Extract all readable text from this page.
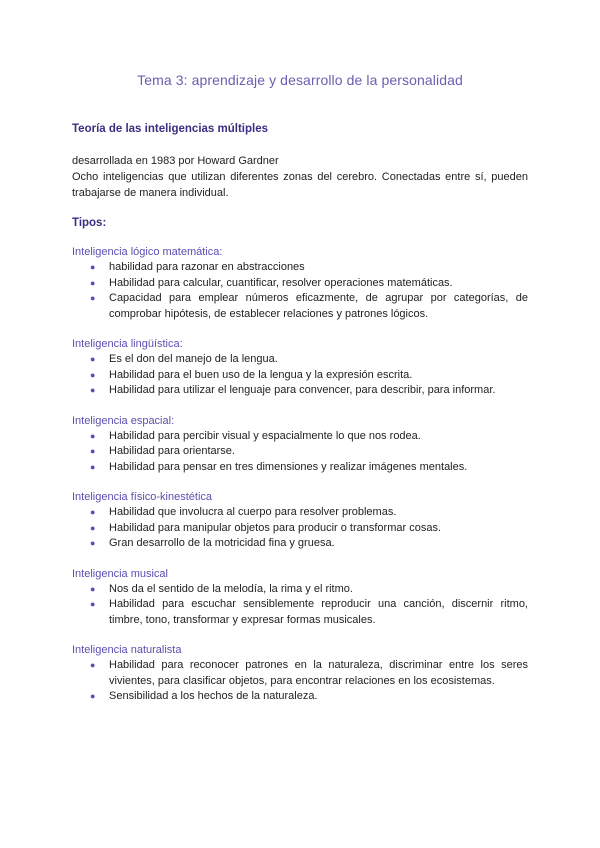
Tema 3: aprendizaje y desarrollo de la personalidad
Teoría de las inteligencias múltiples
desarrollada en 1983 por Howard Gardner
Ocho inteligencias que utilizan diferentes zonas del cerebro. Conectadas entre sí, pueden trabajarse de manera individual.
Tipos:
Inteligencia lógico matemática:
● habilidad para razonar en abstracciones
● Habilidad para calcular, cuantificar, resolver operaciones matemáticas.
● Capacidad para emplear números eficazmente, de agrupar por categorías, de comprobar hipótesis, de establecer relaciones y patrones lógicos.
Inteligencia lingüística:
● Es el don del manejo de la lengua.
● Habilidad para el buen uso de la lengua y la expresión escrita.
● Habilidad para utilizar el lenguaje para convencer, para describir, para informar.
Inteligencia espacial:
● Habilidad para percibir visual y espacialmente lo que nos rodea.
● Habilidad para orientarse.
● Habilidad para pensar en tres dimensiones y realizar imágenes mentales.
Inteligencia físico-kinestética
● Habilidad que involucra al cuerpo para resolver problemas.
● Habilidad para manipular objetos para producir o transformar cosas.
● Gran desarrollo de la motricidad fina y gruesa.
Inteligencia musical
● Nos da el sentido de la melodía, la rima y el ritmo.
● Habilidad para escuchar sensiblemente reproducir una canción, discernir ritmo, timbre, tono, transformar y expresar formas musicales.
Inteligencia naturalista
● Habilidad para reconocer patrones en la naturaleza, discriminar entre los seres vivientes, para clasificar objetos, para encontrar relaciones en los ecosistemas.
● Sensibilidad a los hechos de la naturaleza.
